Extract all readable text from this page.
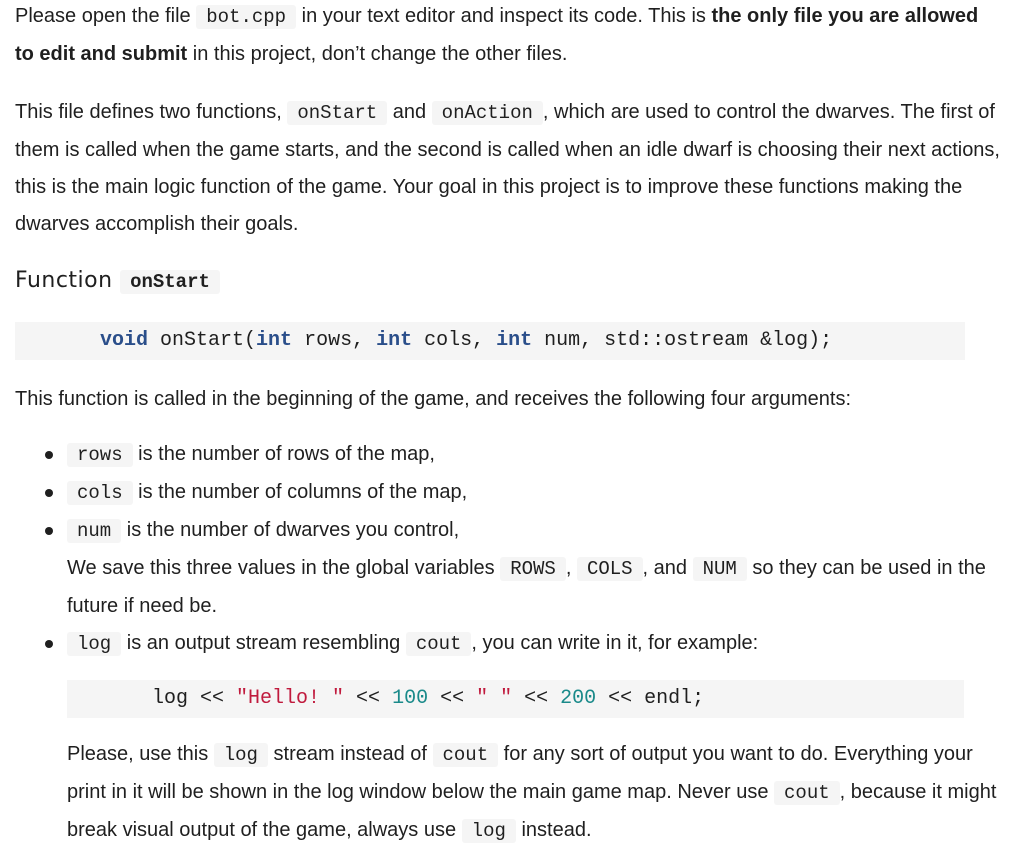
Please open the file bot.cpp in your text editor and inspect its code. This is the only file you are allowed to edit and submit in this project, don’t change the other files.

This file defines two functions, onStart and onAction , which are used to control the dwarves. The first of them is called when the game starts, and the second is called when an idle dwarf is choosing their next actions, this is the main logic function of the game. Your goal in this project is to improve these functions making the dwarves accomplish their goals.

Function onStart
void onStart(int rows, int cols, int num, std::ostream &log);

This function is called in the beginning of the game, and receives the following four arguments:

rows is the number of rows of the map,
cols is the number of columns of the map,
num is the number of dwarves you control,

We save this three values in the global variables ROWS , COLS , and NUM so they can be used in the future if need be.

log is an output stream resembling cout , you can write in it, for example:
log << "Hello! " << 100 << " " << 200 << endl;

Please, use this log stream instead of cout for any sort of output you want to do. Everything your print in it will be shown in the log window below the main game map. Never use cout , because it might break visual output of the game, always use log instead.
